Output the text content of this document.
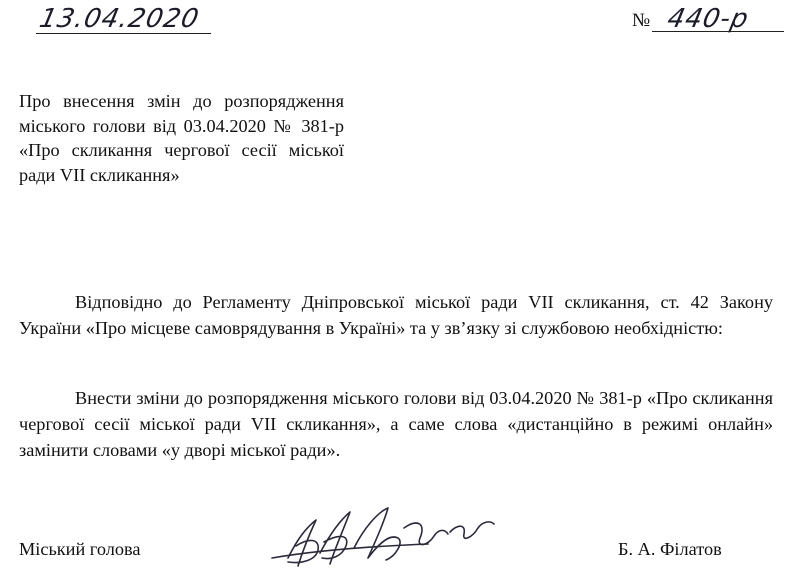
13.04.2020	№ 440-р

Про внесення змін до розпорядження міського голови від 03.04.2020 № 381-р «Про скликання чергової сесії міської ради VII скликання»

Відповідно до Регламенту Дніпровської міської ради VII скликання, ст. 42 Закону України «Про місцеве самоврядування в Україні» та у зв’язку зі службовою необхідністю:

Внести зміни до розпорядження міського голови від 03.04.2020 № 381-р «Про скликання чергової сесії міської ради VII скликання», а саме слова «дистанційно в режимі онлайн» замінити словами «у дворі міської ради».

Міський голова	Б. А. Філатов
